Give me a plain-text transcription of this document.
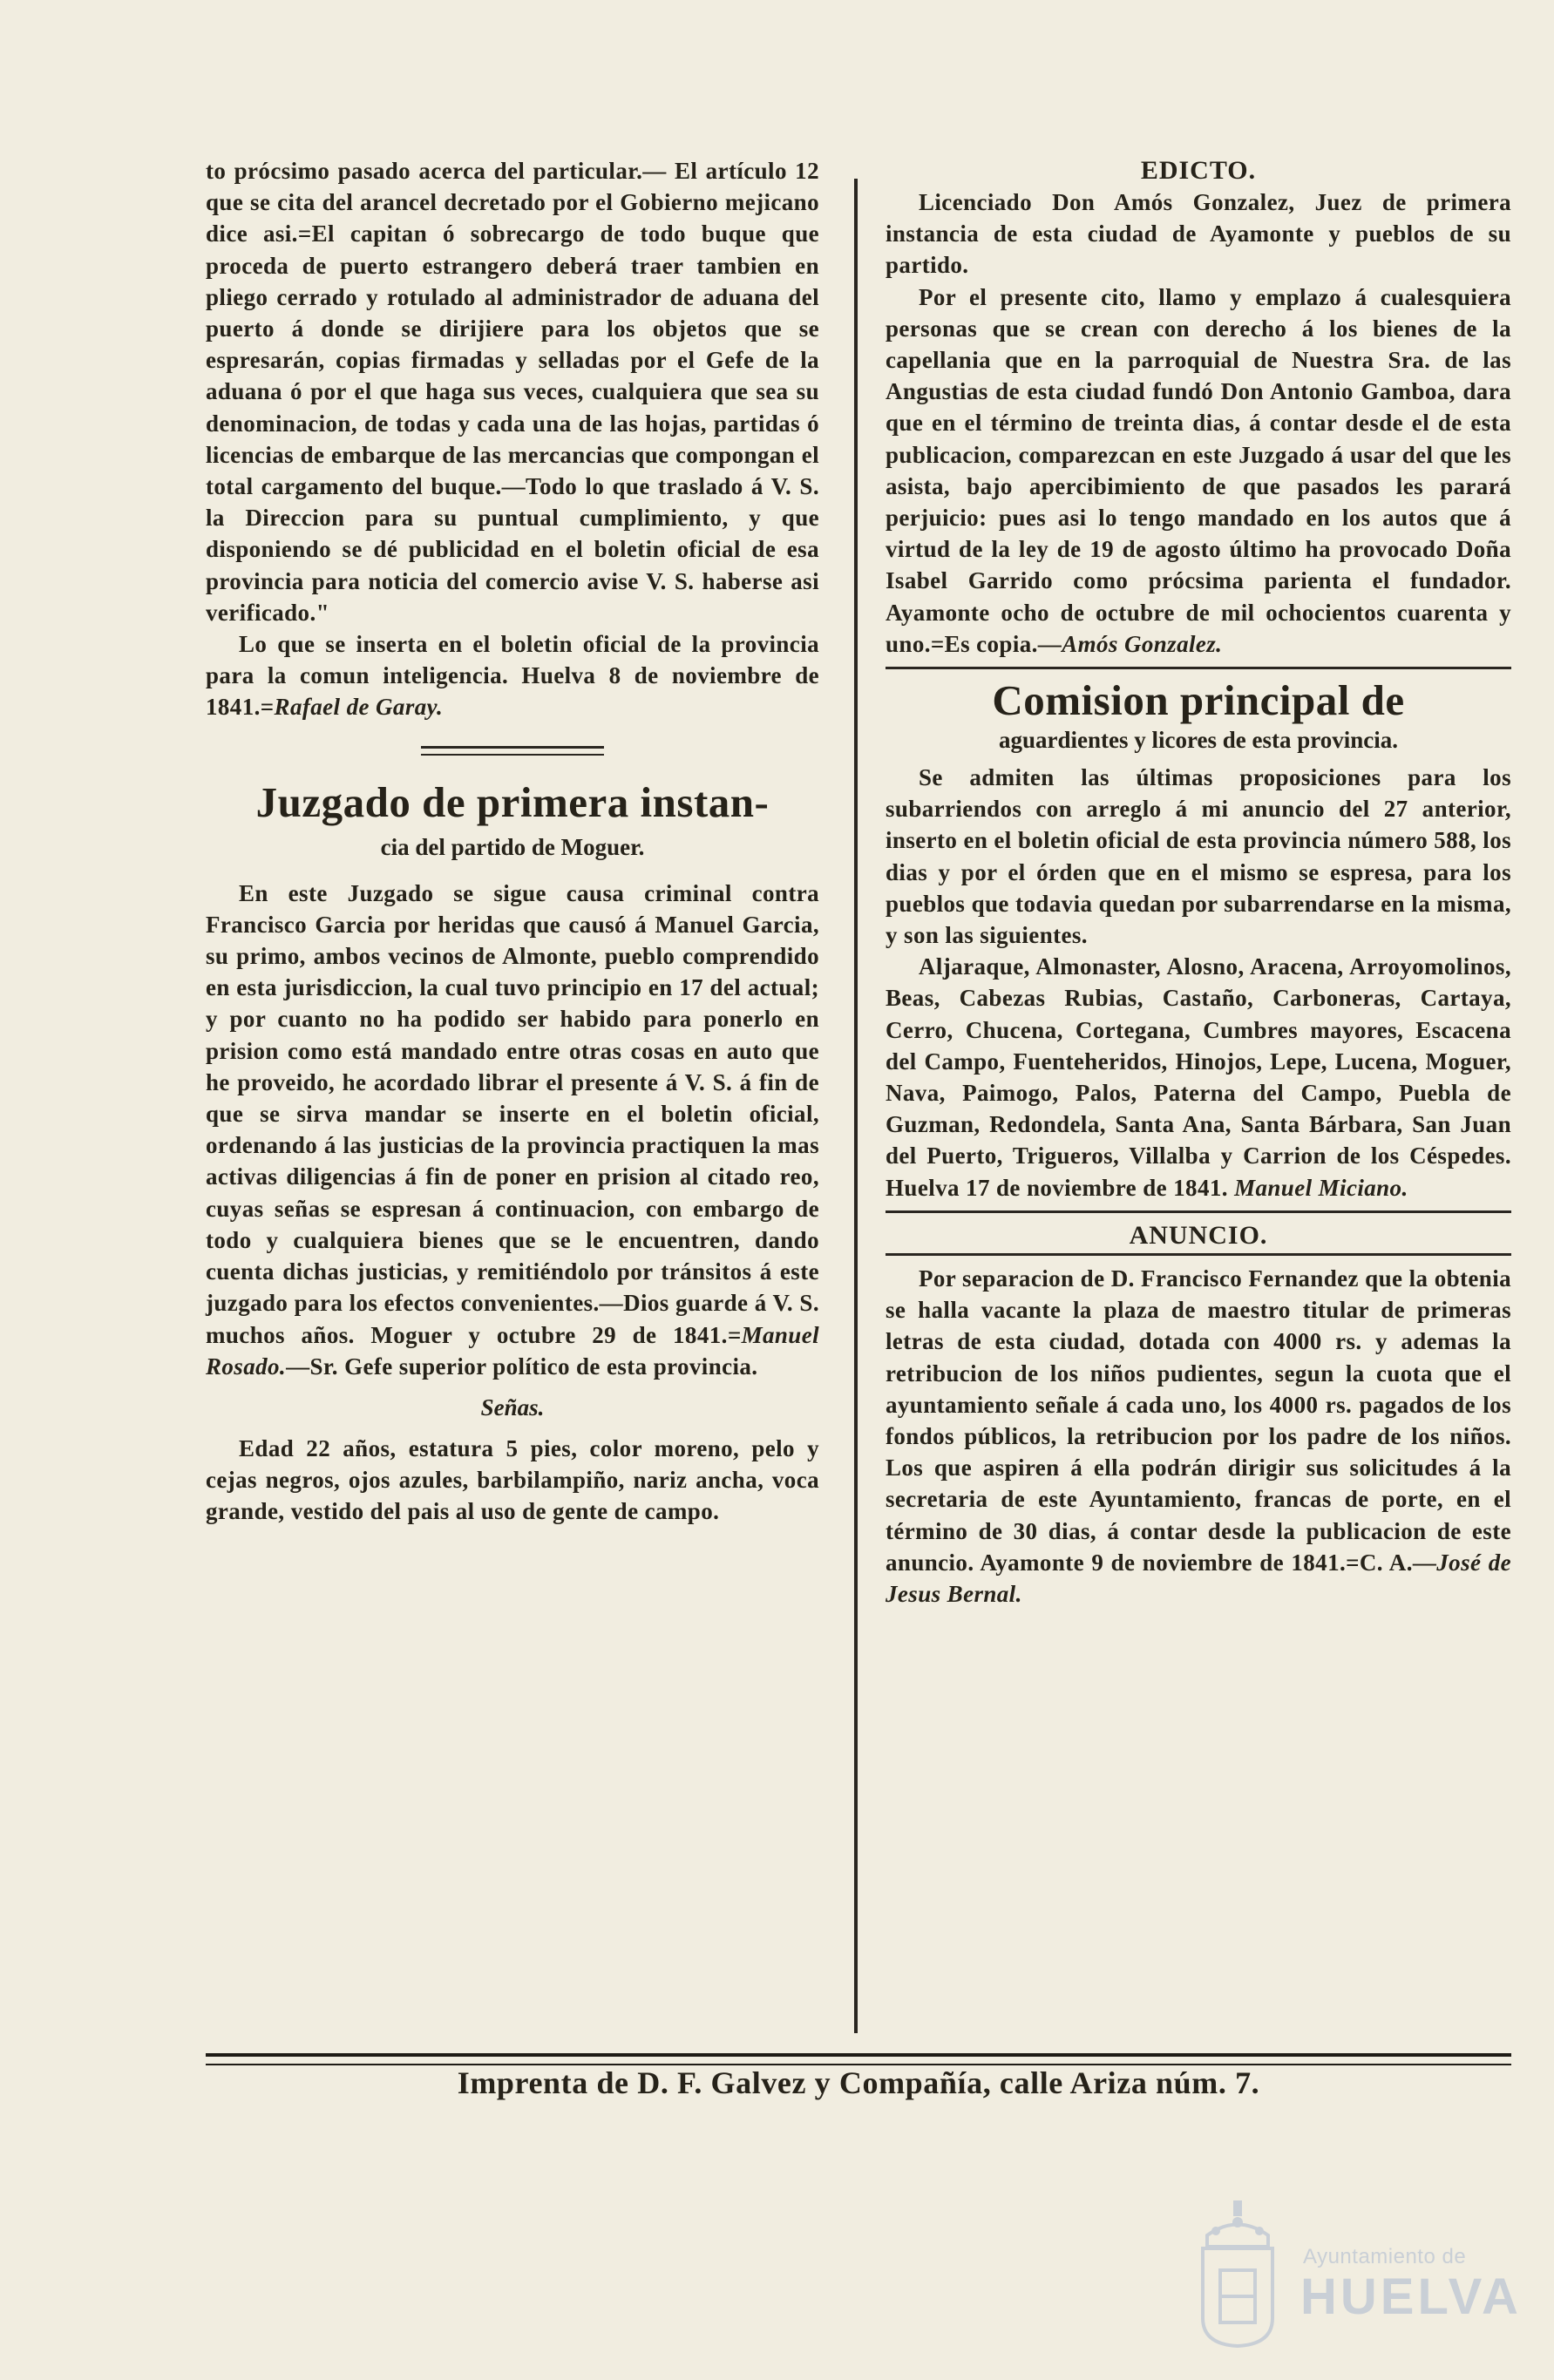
to prócsimo pasado acerca del particular.— El artículo 12 que se cita del arancel decretado por el Gobierno mejicano dice asi.=El capitan ó sobrecargo de todo buque que proceda de puerto estrangero deberá traer tambien en pliego cerrado y rotulado al administrador de aduana del puerto á donde se dirijiere para los objetos que se espresarán, copias firmadas y selladas por el Gefe de la aduana ó por el que haga sus veces, cualquiera que sea su denominacion, de todas y cada una de las hojas, partidas ó licencias de embarque de las mercancias que compongan el total cargamento del buque.—Todo lo que traslado á V. S. la Direccion para su puntual cumplimiento, y que disponiendo se dé publicidad en el boletin oficial de esa provincia para noticia del comercio avise V. S. haberse asi verificado."

Lo que se inserta en el boletin oficial de la provincia para la comun inteligencia. Huelva 8 de noviembre de 1841.=Rafael de Garay.

Juzgado de primera instan-
cia del partido de Moguer.

En este Juzgado se sigue causa criminal contra Francisco Garcia por heridas que causó á Manuel Garcia, su primo, ambos vecinos de Almonte, pueblo comprendido en esta jurisdiccion, la cual tuvo principio en 17 del actual; y por cuanto no ha podido ser habido para ponerlo en prision como está mandado entre otras cosas en auto que he proveido, he acordado librar el presente á V. S. á fin de que se sirva mandar se inserte en el boletin oficial, ordenando á las justicias de la provincia practiquen la mas activas diligencias á fin de poner en prision al citado reo, cuyas señas se espresan á continuacion, con embargo de todo y cualquiera bienes que se le encuentren, dando cuenta dichas justicias, y remitiéndolo por tránsitos á este juzgado para los efectos convenientes.—Dios guarde á V. S. muchos años. Moguer y octubre 29 de 1841.=Manuel Rosado.—Sr. Gefe superior político de esta provincia.

Señas.

Edad 22 años, estatura 5 pies, color moreno, pelo y cejas negros, ojos azules, barbilampiño, nariz ancha, voca grande, vestido del pais al uso de gente de campo.

EDICTO.

Licenciado Don Amós Gonzalez, Juez de primera instancia de esta ciudad de Ayamonte y pueblos de su partido.

Por el presente cito, llamo y emplazo á cualesquiera personas que se crean con derecho á los bienes de la capellania que en la parroquial de Nuestra Sra. de las Angustias de esta ciudad fundó Don Antonio Gamboa, dara que en el término de treinta dias, á contar desde el de esta publicacion, comparezcan en este Juzgado á usar del que les asista, bajo apercibimiento de que pasados les parará perjuicio: pues asi lo tengo mandado en los autos que á virtud de la ley de 19 de agosto último ha provocado Doña Isabel Garrido como prócsima parienta el fundador. Ayamonte ocho de octubre de mil ochocientos cuarenta y uno.=Es copia.—Amós Gonzalez.

Comision principal de
aguardientes y licores de esta provincia.

Se admiten las últimas proposiciones para los subarriendos con arreglo á mi anuncio del 27 anterior, inserto en el boletin oficial de esta provincia número 588, los dias y por el órden que en el mismo se espresa, para los pueblos que todavia quedan por subarrendarse en la misma, y son las siguientes.

Aljaraque, Almonaster, Alosno, Aracena, Arroyomolinos, Beas, Cabezas Rubias, Castaño, Carboneras, Cartaya, Cerro, Chucena, Cortegana, Cumbres mayores, Escacena del Campo, Fuenteheridos, Hinojos, Lepe, Lucena, Moguer, Nava, Paimogo, Palos, Paterna del Campo, Puebla de Guzman, Redondela, Santa Ana, Santa Bárbara, San Juan del Puerto, Trigueros, Villalba y Carrion de los Céspedes. Huelva 17 de noviembre de 1841. Manuel Miciano.

ANUNCIO.

Por separacion de D. Francisco Fernandez que la obtenia se halla vacante la plaza de maestro titular de primeras letras de esta ciudad, dotada con 4000 rs. y ademas la retribucion de los niños pudientes, segun la cuota que el ayuntamiento señale á cada uno, los 4000 rs. pagados de los fondos públicos, la retribucion por los padre de los niños. Los que aspiren á ella podrán dirigir sus solicitudes á la secretaria de este Ayuntamiento, francas de porte, en el término de 30 dias, á contar desde la publicacion de este anuncio. Ayamonte 9 de noviembre de 1841.=C. A.—José de Jesus Bernal.

Imprenta de D. F. Galvez y Compañía, calle Ariza núm. 7.
Ayuntamiento de
HUELVA
